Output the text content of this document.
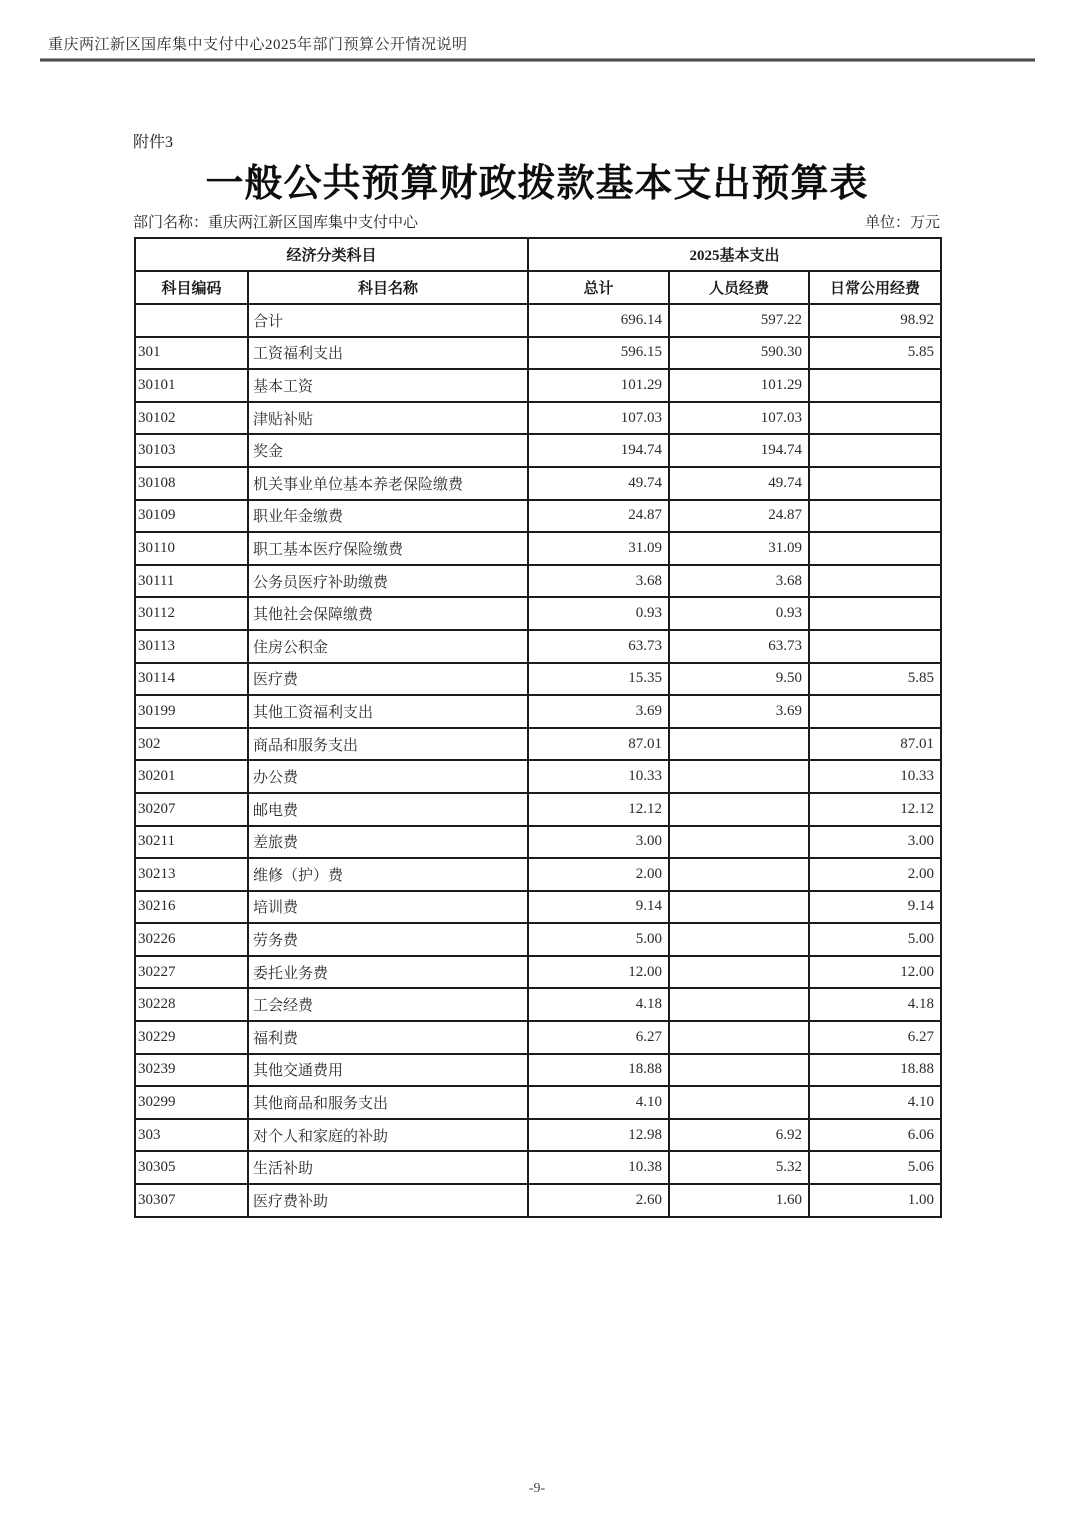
重庆两江新区国库集中支付中心2025年部门预算公开情况说明
附件3
一般公共预算财政拨款基本支出预算表
部门名称：重庆两江新区国库集中支付中心	单位：万元
经济分类科目		2025基本支出		
科目编码	科目名称	总计	人员经费	日常公用经费
	合计	696.14	597.22	98.92
301	工资福利支出	596.15	590.30	5.85
30101	基本工资	101.29	101.29	
30102	津贴补贴	107.03	107.03	
30103	奖金	194.74	194.74	
30108	机关事业单位基本养老保险缴费	49.74	49.74	
30109	职业年金缴费	24.87	24.87	
30110	职工基本医疗保险缴费	31.09	31.09	
30111	公务员医疗补助缴费	3.68	3.68	
30112	其他社会保障缴费	0.93	0.93	
30113	住房公积金	63.73	63.73	
30114	医疗费	15.35	9.50	5.85
30199	其他工资福利支出	3.69	3.69	
302	商品和服务支出	87.01		87.01
30201	办公费	10.33		10.33
30207	邮电费	12.12		12.12
30211	差旅费	3.00		3.00
30213	维修（护）费	2.00		2.00
30216	培训费	9.14		9.14
30226	劳务费	5.00		5.00
30227	委托业务费	12.00		12.00
30228	工会经费	4.18		4.18
30229	福利费	6.27		6.27
30239	其他交通费用	18.88		18.88
30299	其他商品和服务支出	4.10		4.10
303	对个人和家庭的补助	12.98	6.92	6.06
30305	生活补助	10.38	5.32	5.06
30307	医疗费补助	2.60	1.60	1.00
-9-
